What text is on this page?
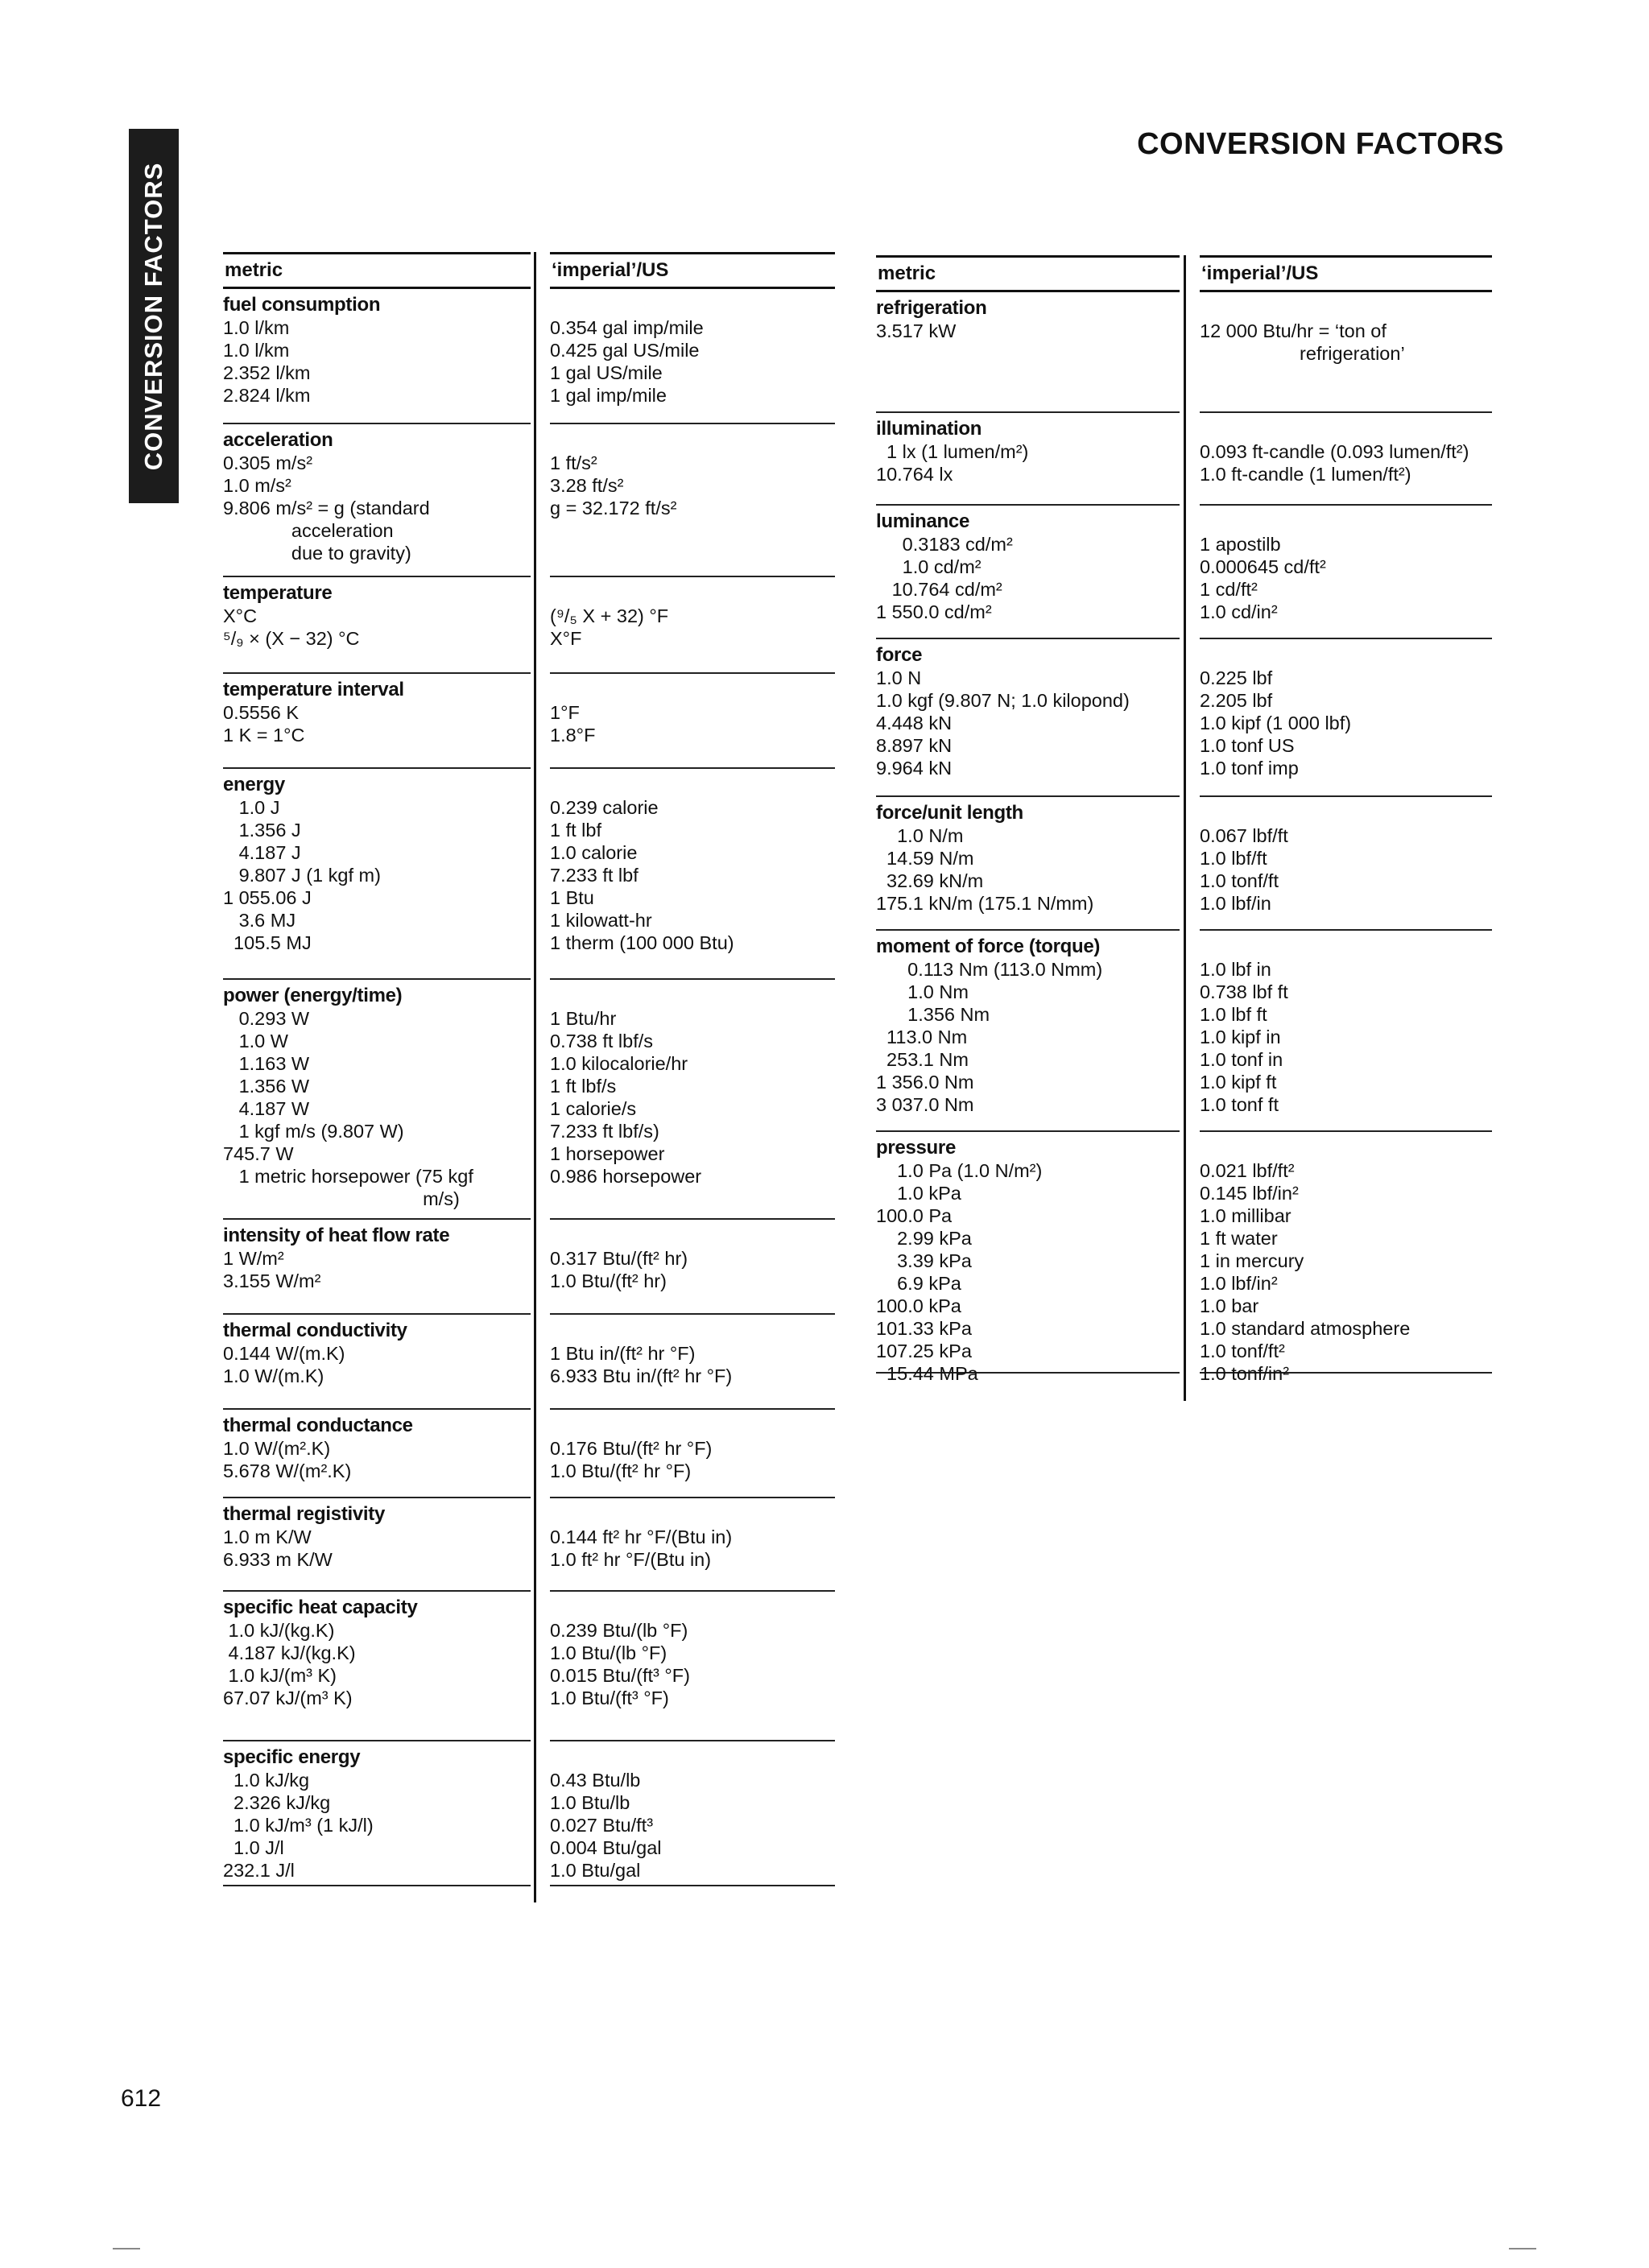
CONVERSION FACTORS
CONVERSION FACTORS
612
metric
fuel consumption
1.0 l/km
1.0 l/km
2.352 l/km
2.824 l/km
acceleration
0.305 m/s²
1.0 m/s²
9.806 m/s² = g (standard
acceleration
due to gravity)
temperature
X°C
⁵/₉ × (X − 32) °C
temperature interval
0.5556 K
1 K = 1°C
energy
1.0 J
1.356 J
4.187 J
9.807 J (1 kgf m)
1 055.06 J
3.6 MJ
105.5 MJ
power (energy/time)
0.293 W
1.0 W
1.163 W
1.356 W
4.187 W
1 kgf m/s (9.807 W)
745.7 W
1 metric horsepower (75 kgf
m/s)
intensity of heat flow rate
1 W/m²
3.155 W/m²
thermal conductivity
0.144 W/(m.K)
1.0 W/(m.K)
thermal conductance
1.0 W/(m².K)
5.678 W/(m².K)
thermal registivity
1.0 m K/W
6.933 m K/W
specific heat capacity
1.0 kJ/(kg.K)
4.187 kJ/(kg.K)
1.0 kJ/(m³ K)
67.07 kJ/(m³ K)
specific energy
1.0 kJ/kg
2.326 kJ/kg
1.0 kJ/m³ (1 kJ/l)
1.0 J/l
232.1 J/l
‘imperial’/US
0.354 gal imp/mile
0.425 gal US/mile
1 gal US/mile
1 gal imp/mile
1 ft/s²
3.28 ft/s²
g = 32.172 ft/s²
(⁹/₅ X + 32) °F
X°F
1°F
1.8°F
0.239 calorie
1 ft lbf
1.0 calorie
7.233 ft lbf
1 Btu
1 kilowatt-hr
1 therm (100 000 Btu)
1 Btu/hr
0.738 ft lbf/s
1.0 kilocalorie/hr
1 ft lbf/s
1 calorie/s
7.233 ft lbf/s)
1 horsepower
0.986 horsepower
0.317 Btu/(ft² hr)
1.0 Btu/(ft² hr)
1 Btu in/(ft² hr °F)
6.933 Btu in/(ft² hr °F)
0.176 Btu/(ft² hr °F)
1.0 Btu/(ft² hr °F)
0.144 ft² hr °F/(Btu in)
1.0 ft² hr °F/(Btu in)
0.239 Btu/(lb °F)
1.0 Btu/(lb °F)
0.015 Btu/(ft³ °F)
1.0 Btu/(ft³ °F)
0.43 Btu/lb
1.0 Btu/lb
0.027 Btu/ft³
0.004 Btu/gal
1.0 Btu/gal
metric
refrigeration
3.517 kW
illumination
1 lx (1 lumen/m²)
10.764 lx
luminance
0.3183 cd/m²
1.0 cd/m²
10.764 cd/m²
1 550.0 cd/m²
force
1.0 N
1.0 kgf (9.807 N; 1.0 kilopond)
4.448 kN
8.897 kN
9.964 kN
force/unit length
1.0 N/m
14.59 N/m
32.69 kN/m
175.1 kN/m (175.1 N/mm)
moment of force (torque)
0.113 Nm (113.0 Nmm)
1.0 Nm
1.356 Nm
113.0 Nm
253.1 Nm
1 356.0 Nm
3 037.0 Nm
pressure
1.0 Pa (1.0 N/m²)
1.0 kPa
100.0 Pa
2.99 kPa
3.39 kPa
6.9 kPa
100.0 kPa
101.33 kPa
107.25 kPa
15.44 MPa
‘imperial’/US
12 000 Btu/hr = ‘ton of
refrigeration’
0.093 ft-candle (0.093 lumen/ft²)
1.0 ft-candle (1 lumen/ft²)
1 apostilb
0.000645 cd/ft²
1 cd/ft²
1.0 cd/in²
0.225 lbf
2.205 lbf
1.0 kipf (1 000 lbf)
1.0 tonf US
1.0 tonf imp
0.067 lbf/ft
1.0 lbf/ft
1.0 tonf/ft
1.0 lbf/in
1.0 lbf in
0.738 lbf ft
1.0 lbf ft
1.0 kipf in
1.0 tonf in
1.0 kipf ft
1.0 tonf ft
0.021 lbf/ft²
0.145 lbf/in²
1.0 millibar
1 ft water
1 in mercury
1.0 lbf/in²
1.0 bar
1.0 standard atmosphere
1.0 tonf/ft²
1.0 tonf/in²
